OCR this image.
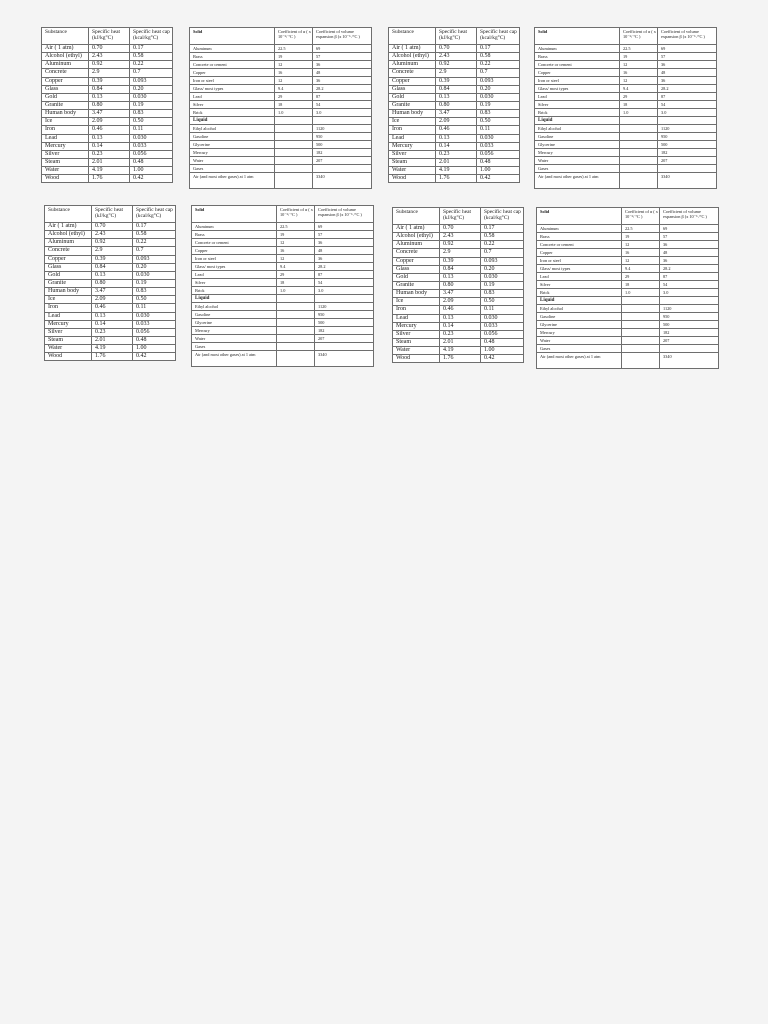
Substance	Specific heat (kJ/kg°C)	Specific heat cap (kcal/kg°C)
Air ( 1 atm)	0.70	0.17
Alcohol (ethyl)	2.43	0.58
Aluminum	0.92	0.22
Concrete	2.9	0.7
Copper	0.39	0.093
Glass	0.84	0.20
Gold	0.13	0.030
Granite	0.80	0.19
Human body	3.47	0.83
Ice	2.09	0.50
Iron	0.46	0.11
Lead	0.13	0.030
Mercury	0.14	0.033
Silver	0.23	0.056
Steam	2.01	0.48
Water	4.19	1.00
Wood	1.76	0.42
Solid	Coefficient of α ( x 10⁻⁶/ °C )	Coefficient of volume expansion β (x 10⁻⁶ /°C )
Aluminum	22.5	69
Brass	19	57
Concrete or cement	12	36
Copper	16	48
Iron or steel	12	36
Glass/ most types	9.4	28.2
Lead	29	87
Silver	18	54
Brick	1.0	3.0
Liquid		
Ethyl alcohol		1120
Gasoline		950
Glycerine		500
Mercury		182
Water		207
Gases		
Air (and most other gases) at 1 atm		3340
Substance	Specific heat (kJ/kg°C)	Specific heat cap (kcal/kg°C)
Air ( 1 atm)	0.70	0.17
Alcohol (ethyl)	2.43	0.58
Aluminum	0.92	0.22
Concrete	2.9	0.7
Copper	0.39	0.093
Glass	0.84	0.20
Gold	0.13	0.030
Granite	0.80	0.19
Human body	3.47	0.83
Ice	2.09	0.50
Iron	0.46	0.11
Lead	0.13	0.030
Mercury	0.14	0.033
Silver	0.23	0.056
Steam	2.01	0.48
Water	4.19	1.00
Wood	1.76	0.42
Solid	Coefficient of α ( x 10⁻⁶/ °C )	Coefficient of volume expansion β (x 10⁻⁶ /°C )
Aluminum	22.5	69
Brass	19	57
Concrete or cement	12	36
Copper	16	48
Iron or steel	12	36
Glass/ most types	9.4	28.2
Lead	29	87
Silver	18	54
Brick	1.0	3.0
Liquid		
Ethyl alcohol		1120
Gasoline		950
Glycerine		500
Mercury		182
Water		207
Gases		
Air (and most other gases) at 1 atm		3340
Substance	Specific heat (kJ/kg°C)	Specific heat cap (kcal/kg°C)
Air ( 1 atm)	0.70	0.17
Alcohol (ethyl)	2.43	0.58
Aluminum	0.92	0.22
Concrete	2.9	0.7
Copper	0.39	0.093
Glass	0.84	0.20
Gold	0.13	0.030
Granite	0.80	0.19
Human body	3.47	0.83
Ice	2.09	0.50
Iron	0.46	0.11
Lead	0.13	0.030
Mercury	0.14	0.033
Silver	0.23	0.056
Steam	2.01	0.48
Water	4.19	1.00
Wood	1.76	0.42
Solid	Coefficient of α ( x 10⁻⁶/ °C )	Coefficient of volume expansion β (x 10⁻⁶ /°C )
Aluminum	22.5	69
Brass	19	57
Concrete or cement	12	36
Copper	16	48
Iron or steel	12	36
Glass/ most types	9.4	28.2
Lead	29	87
Silver	18	54
Brick	1.0	3.0
Liquid		
Ethyl alcohol		1120
Gasoline		950
Glycerine		500
Mercury		182
Water		207
Gases		
Air (and most other gases) at 1 atm		3340
Substance	Specific heat (kJ/kg°C)	Specific heat cap (kcal/kg°C)
Air ( 1 atm)	0.70	0.17
Alcohol (ethyl)	2.43	0.58
Aluminum	0.92	0.22
Concrete	2.9	0.7
Copper	0.39	0.093
Glass	0.84	0.20
Gold	0.13	0.030
Granite	0.80	0.19
Human body	3.47	0.83
Ice	2.09	0.50
Iron	0.46	0.11
Lead	0.13	0.030
Mercury	0.14	0.033
Silver	0.23	0.056
Steam	2.01	0.48
Water	4.19	1.00
Wood	1.76	0.42
Solid	Coefficient of α ( x 10⁻⁶/ °C )	Coefficient of volume expansion β (x 10⁻⁶ /°C )
Aluminum	22.5	69
Brass	19	57
Concrete or cement	12	36
Copper	16	48
Iron or steel	12	36
Glass/ most types	9.4	28.2
Lead	29	87
Silver	18	54
Brick	1.0	3.0
Liquid		
Ethyl alcohol		1120
Gasoline		950
Glycerine		500
Mercury		182
Water		207
Gases		
Air (and most other gases) at 1 atm		3340
